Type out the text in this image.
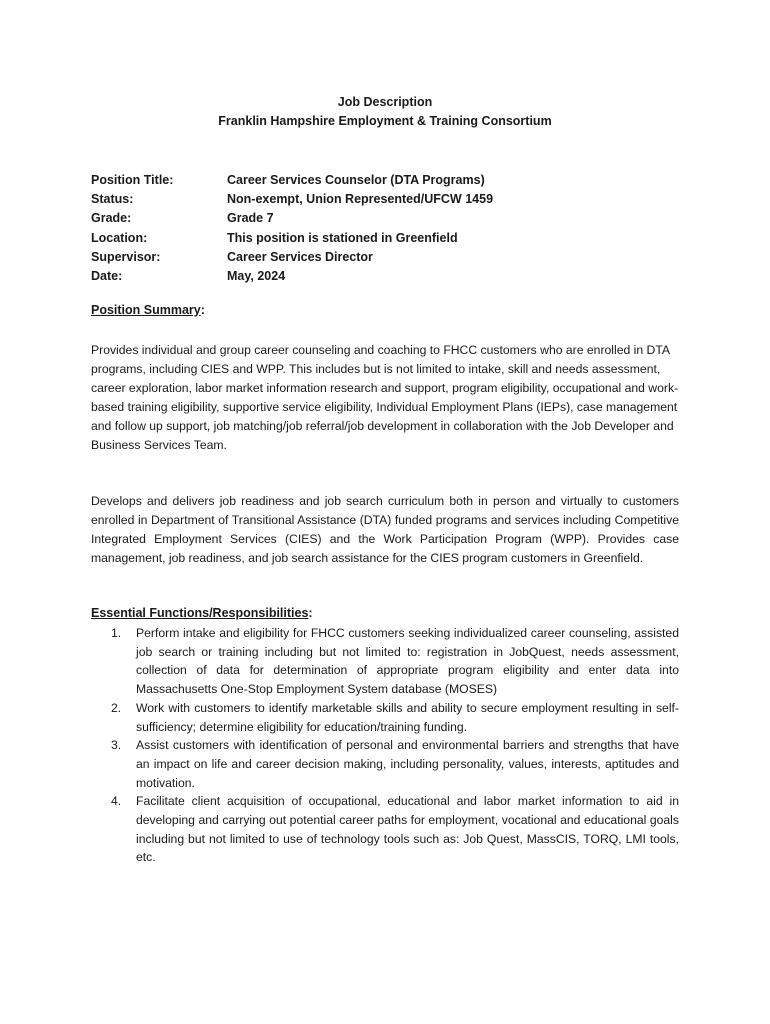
Job Description
Franklin Hampshire Employment & Training Consortium
Position Title:	Career Services Counselor (DTA Programs)
Status:	Non-exempt, Union Represented/UFCW 1459
Grade:	Grade 7
Location:	This position is stationed in Greenfield
Supervisor:	Career Services Director
Date:	May, 2024
Position Summary:
Provides individual and group career counseling and coaching to FHCC customers who are enrolled in DTA programs, including CIES and WPP. This includes but is not limited to intake, skill and needs assessment, career exploration, labor market information research and support, program eligibility, occupational and work-based training eligibility, supportive service eligibility, Individual Employment Plans (IEPs), case management and follow up support, job matching/job referral/job development in collaboration with the Job Developer and Business Services Team.
Develops and delivers job readiness and job search curriculum both in person and virtually to customers enrolled in Department of Transitional Assistance (DTA) funded programs and services including Competitive Integrated Employment Services (CIES) and the Work Participation Program (WPP). Provides case management, job readiness, and job search assistance for the CIES program customers in Greenfield.
Essential Functions/Responsibilities:
1. Perform intake and eligibility for FHCC customers seeking individualized career counseling, assisted job search or training including but not limited to: registration in JobQuest, needs assessment, collection of data for determination of appropriate program eligibility and enter data into Massachusetts One-Stop Employment System database (MOSES)
2. Work with customers to identify marketable skills and ability to secure employment resulting in self-sufficiency; determine eligibility for education/training funding.
3. Assist customers with identification of personal and environmental barriers and strengths that have an impact on life and career decision making, including personality, values, interests, aptitudes and motivation.
4. Facilitate client acquisition of occupational, educational and labor market information to aid in developing and carrying out potential career paths for employment, vocational and educational goals including but not limited to use of technology tools such as: Job Quest, MassCIS, TORQ, LMI tools, etc.
